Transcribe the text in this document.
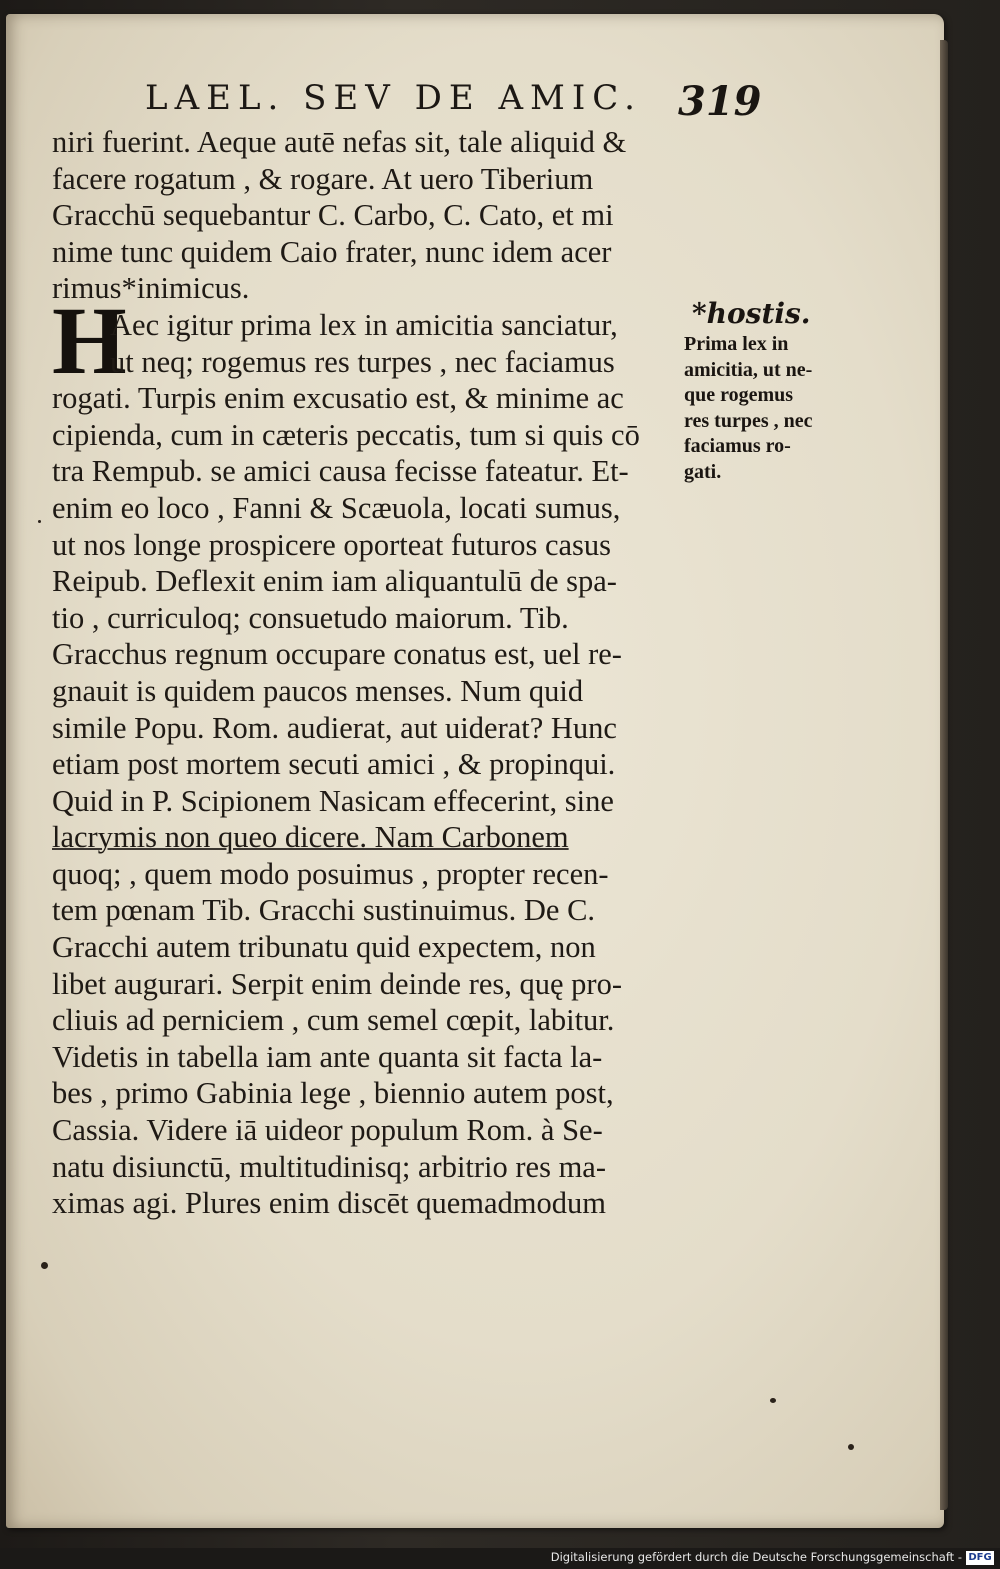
LAEL. SEV DE AMIC. 319
H
niri fuerint. Aeque autē nefas sit, tale aliquid &
facere rogatum , & rogare. At uero Tiberium
Gracchū sequebantur C. Carbo, C. Cato, et mi
nime tunc quidem Caio frater, nunc idem acer
rimus*inimicus.
Aec igitur prima lex in amicitia sanciatur,
ut neq; rogemus res turpes , nec faciamus
rogati. Turpis enim excusatio est, & minime ac
cipienda, cum in cæteris peccatis, tum si quis cō
tra Rempub. se amici causa fecisse fateatur. Et-
enim eo loco , Fanni & Scæuola, locati sumus,
ut nos longe prospicere oporteat futuros casus
Reipub. Deflexit enim iam aliquantulū de spa-
tio , curriculoq; consuetudo maiorum. Tib.
Gracchus regnum occupare conatus est, uel re-
gnauit is quidem paucos menses. Num quid
simile Popu. Rom. audierat, aut uiderat? Hunc
etiam post mortem secuti amici , & propinqui.
Quid in P. Scipionem Nasicam effecerint, sine
lacrymis non queo dicere. Nam Carbonem
quoq; , quem modo posuimus , propter recen-
tem pœnam Tib. Gracchi sustinuimus. De C.
Gracchi autem tribunatu quid expectem, non
libet augurari. Serpit enim deinde res, quę pro-
cliuis ad perniciem , cum semel cœpit, labitur.
Videtis in tabella iam ante quanta sit facta la-
bes , primo Gabinia lege , biennio autem post,
Cassia. Videre iā uideor populum Rom. à Se-
natu disiunctū, multitudinisq; arbitrio res ma-
ximas agi. Plures enim discēt quemadmodum
*hostis.
Prima lex in
amicitia, ut ne-
que rogemus
res turpes , nec
faciamus ro-
gati.
Digitalisierung gefördert durch die Deutsche Forschungsgemeinschaft - DFG
